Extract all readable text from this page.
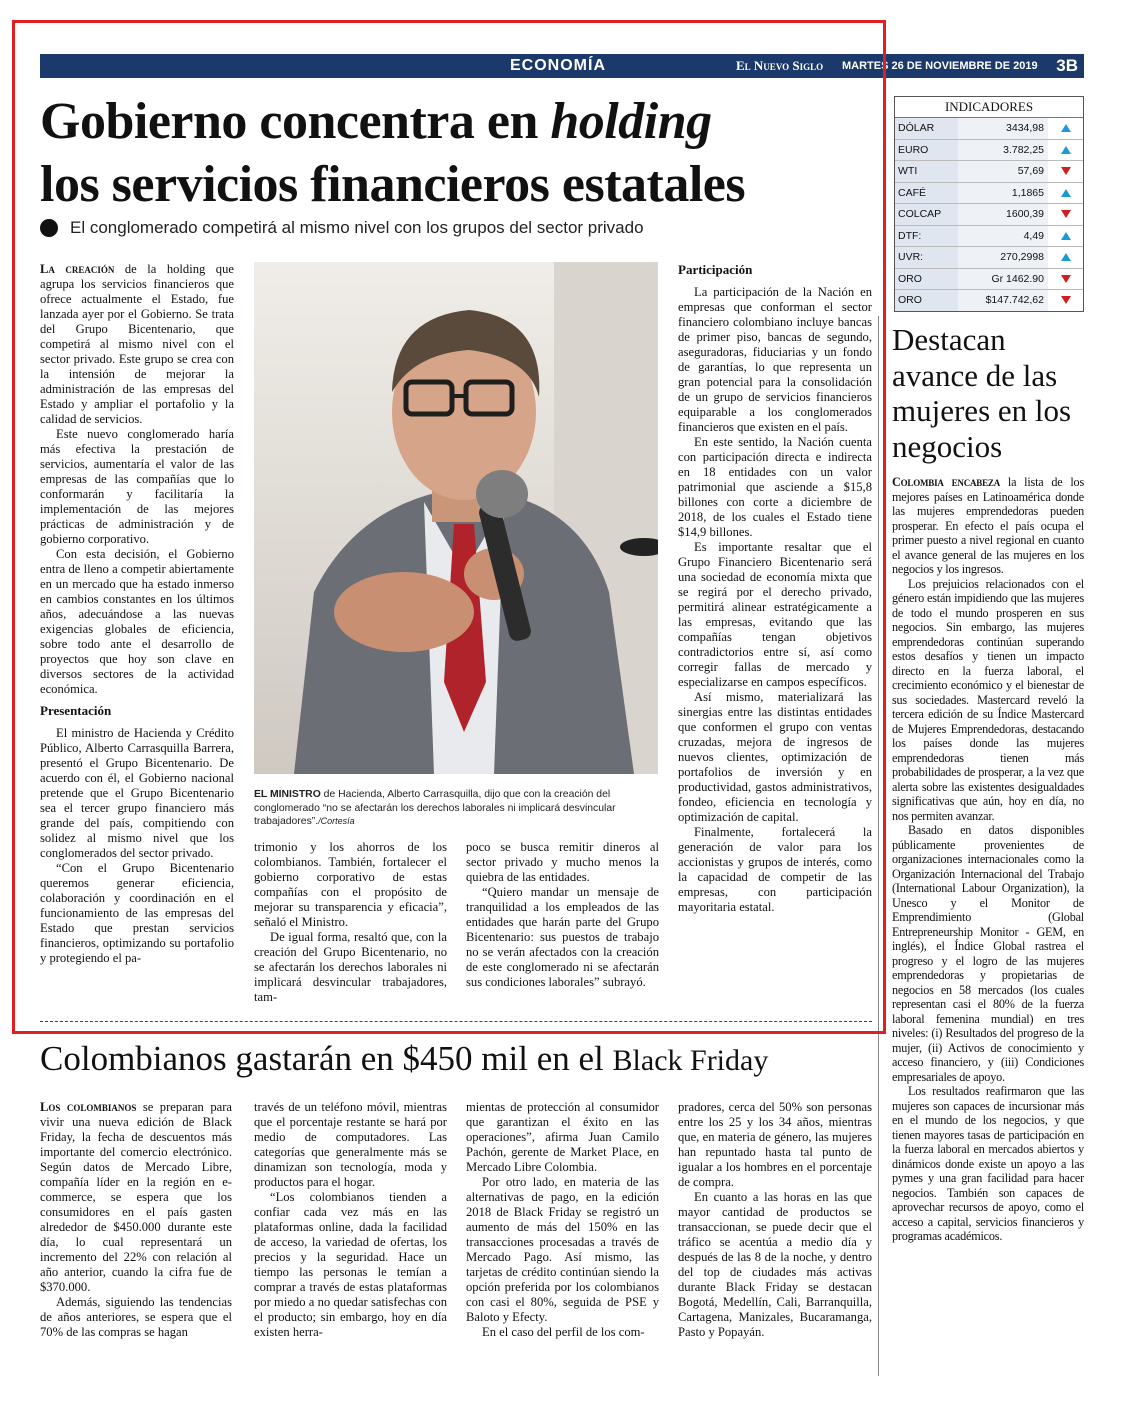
ECONOMÍA	El Nuevo Siglo MARTES 26 DE NOVIEMBRE DE 2019 3B
Gobierno concentra en holding
los servicios financieros estatales
El conglomerado competirá al mismo nivel con los grupos del sector privado

La creación de la holding que agrupa los servicios financieros que ofrece actualmente el Estado, fue lanzada ayer por el Gobierno. Se trata del Grupo Bicentenario, que competirá al mismo nivel con el sector privado. Este grupo se crea con la intensión de mejorar la administración de las empresas del Estado y ampliar el portafolio y la calidad de servicios.

Este nuevo conglomerado haría más efectiva la prestación de servicios, aumentaría el valor de las empresas de las compañías que lo conformarán y facilitaría la implementación de las mejores prácticas de administración y de gobierno corporativo.

Con esta decisión, el Gobierno entra de lleno a competir abiertamente en un mercado que ha estado inmerso en cambios constantes en los últimos años, adecuándose a las nuevas exigencias globales de eficiencia, sobre todo ante el desarrollo de proyectos que hoy son clave en diversos sectores de la actividad económica.

Presentación

El ministro de Hacienda y Crédito Público, Alberto Carrasquilla Barrera, presentó el Grupo Bicentenario. De acuerdo con él, el Gobierno nacional pretende que el Grupo Bicentenario sea el tercer grupo financiero más grande del país, compitiendo con solidez al mismo nivel que los conglomerados del sector privado.

“Con el Grupo Bicentenario queremos generar eficiencia, colaboración y coordinación en el funcionamiento de las empresas del Estado que prestan servicios financieros, optimizando su portafolio y protegiendo el pa-

EL MINISTRO de Hacienda, Alberto Carrasquilla, dijo que con la creación del conglomerado “no se afectarán los derechos laborales ni implicará desvincular trabajadores”./Cortesía

trimonio y los ahorros de los colombianos. También, fortalecer el gobierno corporativo de estas compañías con el propósito de mejorar su transparencia y eficacia”, señaló el Ministro.

De igual forma, resaltó que, con la creación del Grupo Bicentenario, no se afectarán los derechos laborales ni implicará desvincular trabajadores, tam-

poco se busca remitir dineros al sector privado y mucho menos la quiebra de las entidades.

“Quiero mandar un mensaje de tranquilidad a los empleados de las entidades que harán parte del Grupo Bicentenario: sus puestos de trabajo no se verán afectados con la creación de este conglomerado ni se afectarán sus condiciones laborales” subrayó.

Participación

La participación de la Nación en empresas que conforman el sector financiero colombiano incluye bancas de primer piso, bancas de segundo, aseguradoras, fiduciarias y un fondo de garantías, lo que representa un gran potencial para la consolidación de un grupo de servicios financieros equiparable a los conglomerados financieros que existen en el país.

En este sentido, la Nación cuenta con participación directa e indirecta en 18 entidades con un valor patrimonial que asciende a $15,8 billones con corte a diciembre de 2018, de los cuales el Estado tiene $14,9 billones.

Es importante resaltar que el Grupo Financiero Bicentenario será una sociedad de economía mixta que se regirá por el derecho privado, permitirá alinear estratégicamente a las empresas, evitando que las compañías tengan objetivos contradictorios entre sí, así como corregir fallas de mercado y especializarse en campos específicos.

Así mismo, materializará las sinergias entre las distintas entidades que conformen el grupo con ventas cruzadas, mejora de ingresos de nuevos clientes, optimización de portafolios de inversión y en productividad, gastos administrativos, fondeo, eficiencia en tecnología y optimización de capital.

Finalmente, fortalecerá la generación de valor para los accionistas y grupos de interés, como la capacidad de competir de las empresas, con participación mayoritaria estatal.

INDICADORES
DÓLAR	3434,98
EURO	3.782,25
WTI	57,69
CAFÉ	1,1865
COLCAP	1600,39
DTF:	4,49
UVR:	270,2998
ORO	Gr 1462.90
ORO	$147.742,62
Destacan avance de las mujeres en los negocios

Colombia encabeza la lista de los mejores países en Latinoamérica donde las mujeres emprendedoras pueden prosperar. En efecto el país ocupa el primer puesto a nivel regional en cuanto el avance general de las mujeres en los negocios y los ingresos.

Los prejuicios relacionados con el género están impidiendo que las mujeres de todo el mundo prosperen en sus negocios. Sin embargo, las mujeres emprendedoras continúan superando estos desafíos y tienen un impacto directo en la fuerza laboral, el crecimiento económico y el bienestar de sus sociedades. Mastercard reveló la tercera edición de su Índice Mastercard de Mujeres Emprendedoras, destacando los países donde las mujeres emprendedoras tienen más probabilidades de prosperar, a la vez que alerta sobre las existentes desigualdades significativas que aún, hoy en día, no nos permiten avanzar.

Basado en datos disponibles públicamente provenientes de organizaciones internacionales como la Organización Internacional del Trabajo (International Labour Organization), la Unesco y el Monitor de Emprendimiento (Global Entrepreneurship Monitor - GEM, en inglés), el Índice Global rastrea el progreso y el logro de las mujeres emprendedoras y propietarias de negocios en 58 mercados (los cuales representan casi el 80% de la fuerza laboral femenina mundial) en tres niveles: (i) Resultados del progreso de la mujer, (ii) Activos de conocimiento y acceso financiero, y (iii) Condiciones empresariales de apoyo.

Los resultados reafirmaron que las mujeres son capaces de incursionar más en el mundo de los negocios, y que tienen mayores tasas de participación en la fuerza laboral en mercados abiertos y dinámicos donde existe un apoyo a las pymes y una gran facilidad para hacer negocios. También son capaces de aprovechar recursos de apoyo, como el acceso a capital, servicios financieros y programas académicos.

Colombianos gastarán en $450 mil en el Black Friday

Los colombianos se preparan para vivir una nueva edición de Black Friday, la fecha de descuentos más importante del comercio electrónico. Según datos de Mercado Libre, compañía líder en la región en e-commerce, se espera que los consumidores en el país gasten alrededor de $450.000 durante este día, lo cual representará un incremento del 22% con relación al año anterior, cuando la cifra fue de $370.000.

Además, siguiendo las tendencias de años anteriores, se espera que el 70% de las compras se hagan

través de un teléfono móvil, mientras que el porcentaje restante se hará por medio de computadores. Las categorías que generalmente más se dinamizan son tecnología, moda y productos para el hogar.

“Los colombianos tienden a confiar cada vez más en las plataformas online, dada la facilidad de acceso, la variedad de ofertas, los precios y la seguridad. Hace un tiempo las personas le temían a comprar a través de estas plataformas por miedo a no quedar satisfechas con el producto; sin embargo, hoy en día existen herra-

mientas de protección al consumidor que garantizan el éxito en las operaciones”, afirma Juan Camilo Pachón, gerente de Market Place, en Mercado Libre Colombia.

Por otro lado, en materia de las alternativas de pago, en la edición 2018 de Black Friday se registró un aumento de más del 150% en las transacciones procesadas a través de Mercado Pago. Así mismo, las tarjetas de crédito continúan siendo la opción preferida por los colombianos con casi el 80%, seguida de PSE y Baloto y Efecty.

En el caso del perfil de los com-

pradores, cerca del 50% son personas entre los 25 y los 34 años, mientras que, en materia de género, las mujeres han repuntado hasta tal punto de igualar a los hombres en el porcentaje de compra.

En cuanto a las horas en las que mayor cantidad de productos se transaccionan, se puede decir que el tráfico se acentúa a medio día y después de las 8 de la noche, y dentro del top de ciudades más activas durante Black Friday se destacan Bogotá, Medellín, Cali, Barranquilla, Cartagena, Manizales, Bucaramanga, Pasto y Popayán.
